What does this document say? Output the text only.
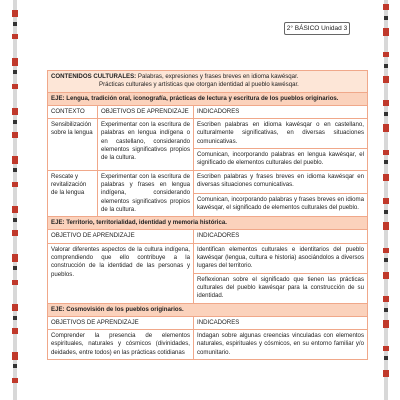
2° BÁSICO Unidad 3
CONTENIDOS CULTURALES: Palabras, expresiones y frases breves en idioma kawésqar.
Prácticas culturales y artísticas que otorgan identidad al pueblo kawésqar.		

EJE: Lengua, tradición oral, iconografía, prácticas de lectura y escritura de los pueblos originarios.		
CONTEXTO	OBJETIVOS DE APRENDIZAJE	INDICADORES
Sensibilización sobre la lengua	Experimentar con la escritura de palabras en lengua indígena o en castellano, considerando elementos significativos propios de la cultura.	Escriben palabras en idioma kawésqar o en castellano, culturalmente significativas, en diversas situaciones comunicativas.
		Comunican, incorporando palabras en lengua kawésqar, el significado de elementos culturales del pueblo.
Rescate y revitalización de la lengua	Experimentar con la escritura de palabras y frases en lengua indígena, considerando elementos significativos propios de la cultura.	Escriben palabras y frases breves en idioma kawésqar en diversas situaciones comunicativas.
		Comunican, incorporando palabras y frases breves en idioma kawésqar, el significado de elementos culturales del pueblo.
EJE: Territorio, territorialidad, identidad y memoria histórica.		
OBJETIVO DE APRENDIZAJE		INDICADORES
Valorar diferentes aspectos de la cultura indígena, comprendiendo que ello contribuye a la construcción de la identidad de las personas y pueblos.		Identifican elementos culturales e identitarios del pueblo kawésqar (lengua, cultura e historia) asociándolos a diversos lugares del territorio.
		Reflexionan sobre el significado que tienen las prácticas culturales del pueblo kawésqar para la construcción de su identidad.
EJE: Cosmovisión de los pueblos originarios.		
OBJETIVOS DE APRENDIZAJE		INDICADORES
Comprender la presencia de elementos espirituales, naturales y cósmicos (divinidades, deidades, entre todos) en las prácticas cotidianas		Indagan sobre algunas creencias vinculadas con elementos naturales, espirituales y cósmicos, en su entorno familiar y/o comunitario.
